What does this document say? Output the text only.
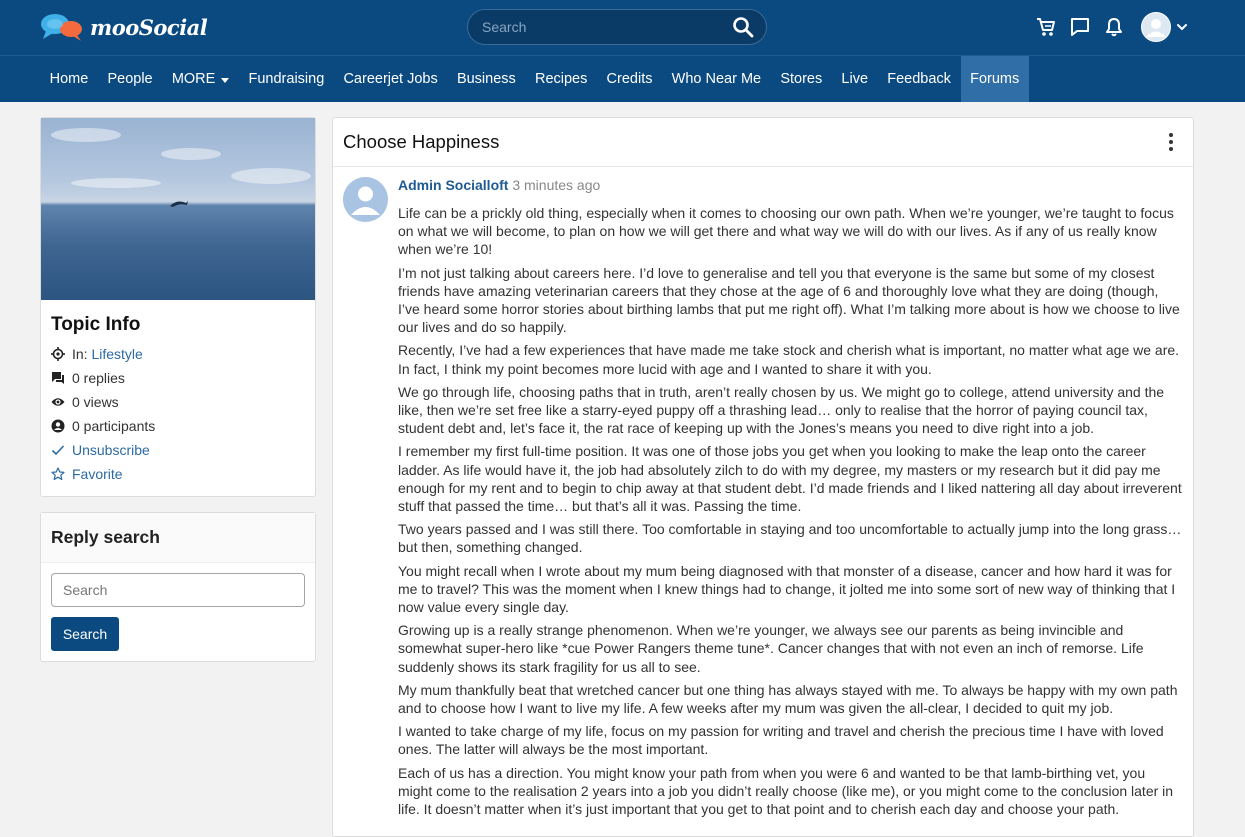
mooSocial
Search
Home People MORE Fundraising Careerjet Jobs Business Recipes Credits Who Near Me Stores Live Feedback Forums
Topic Info
In:
Lifestyle
0 replies
0 views
0 participants
Unsubscribe
Favorite
Reply search
Search Search
Choose Happiness
Admin Socialloft 3 minutes ago

Life can be a prickly old thing, especially when it comes to choosing our own path. When we’re younger, we’re taught to focus on what we will become, to plan on how we will get there and what way we will do with our lives. As if any of us really know when we’re 10!

I’m not just talking about careers here. I’d love to generalise and tell you that everyone is the same but some of my closest friends have amazing veterinarian careers that they chose at the age of 6 and thoroughly love what they are doing (though, I’ve heard some horror stories about birthing lambs that put me right off). What I’m talking more about is how we choose to live our lives and do so happily.

Recently, I’ve had a few experiences that have made me take stock and cherish what is important, no matter what age we are. In fact, I think my point becomes more lucid with age and I wanted to share it with you.

We go through life, choosing paths that in truth, aren’t really chosen by us. We might go to college, attend university and the like, then we’re set free like a starry-eyed puppy off a thrashing lead… only to realise that the horror of paying council tax, student debt and, let’s face it, the rat race of keeping up with the Jones’s means you need to dive right into a job.

I remember my first full-time position. It was one of those jobs you get when you looking to make the leap onto the career ladder. As life would have it, the job had absolutely zilch to do with my degree, my masters or my research but it did pay me enough for my rent and to begin to chip away at that student debt. I’d made friends and I liked nattering all day about irreverent stuff that passed the time… but that’s all it was. Passing the time.

Two years passed and I was still there. Too comfortable in staying and too uncomfortable to actually jump into the long grass… but then, something changed.

You might recall when I wrote about my mum being diagnosed with that monster of a disease, cancer and how hard it was for me to travel? This was the moment when I knew things had to change, it jolted me into some sort of new way of thinking that I now value every single day.

Growing up is a really strange phenomenon. When we’re younger, we always see our parents as being invincible and somewhat super-hero like *cue Power Rangers theme tune*. Cancer changes that with not even an inch of remorse. Life suddenly shows its stark fragility for us all to see.

My mum thankfully beat that wretched cancer but one thing has always stayed with me. To always be happy with my own path and to choose how I want to live my life. A few weeks after my mum was given the all-clear, I decided to quit my job.

I wanted to take charge of my life, focus on my passion for writing and travel and cherish the precious time I have with loved ones. The latter will always be the most important.

Each of us has a direction. You might know your path from when you were 6 and wanted to be that lamb-birthing vet, you might come to the realisation 2 years into a job you didn’t really choose (like me), or you might come to the conclusion later in life. It doesn’t matter when it’s just important that you get to that point and to cherish each day and choose your path.
